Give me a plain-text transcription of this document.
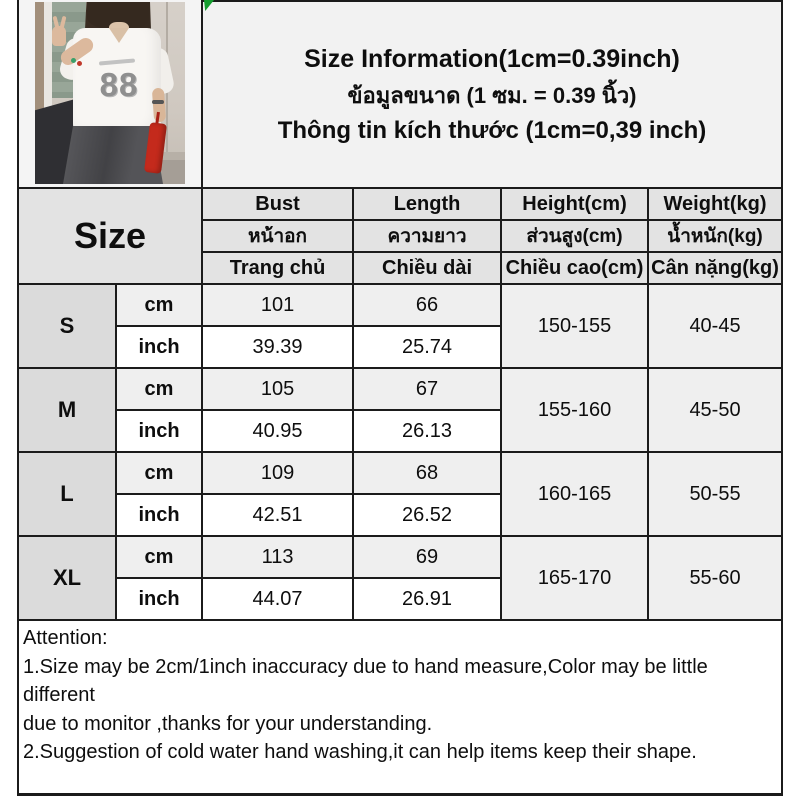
88
Size Information(1cm=0.39inch)
ข้อมูลขนาด (1 ซม. = 0.39 นิ้ว)
Thông tin kích thước (1cm=0,39 inch)
Size		Bust	Length	Height(cm)	Weight(kg)
		หน้าอก	ความยาว	ส่วนสูง(cm)	น้ำหนัก(kg)
		Trang chủ	Chiều dài	Chiều cao(cm)	Cân nặng(kg)
S	cm	101	66	150-155	40-45
	inch	39.39	25.74		
M	cm	105	67	155-160	45-50
	inch	40.95	26.13		
L	cm	109	68	160-165	50-55
	inch	42.51	26.52		
XL	cm	113	69	165-170	55-60
	inch	44.07	26.91		
Attention:
1.Size may be 2cm/1inch inaccuracy due to hand measure,Color may be little different
due to monitor ,thanks for your understanding.
2.Suggestion of cold water hand washing,it can help items keep their shape.
